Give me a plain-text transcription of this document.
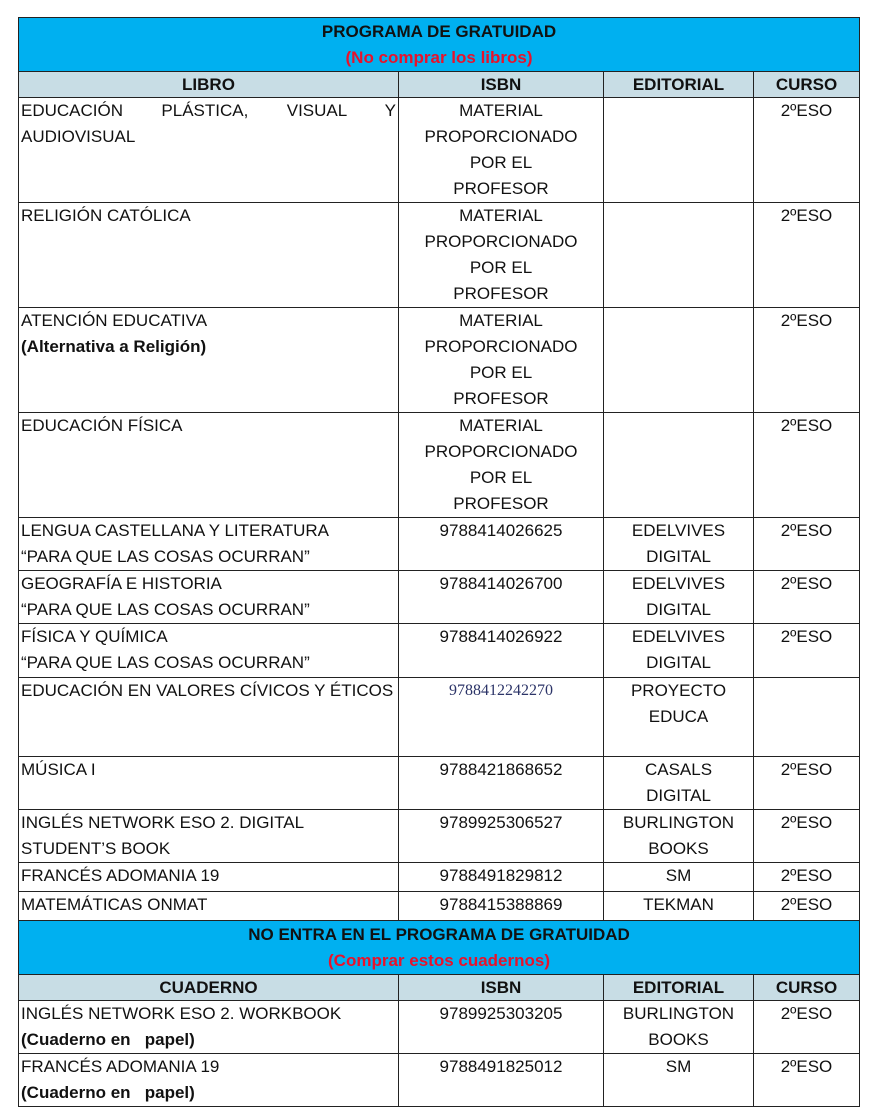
PROGRAMA DE GRATUIDAD
(No comprar los libros)			

LIBRO	ISBN	EDITORIAL	CURSO

EDUCACIÓN PLÁSTICA, VISUAL Y AUDIOVISUAL	MATERIAL PROPORCIONADO POR EL PROFESOR		2ºESO
RELIGIÓN CATÓLICA	MATERIAL PROPORCIONADO POR EL PROFESOR		2ºESO
ATENCIÓN EDUCATIVA
(Alternativa a Religión)	MATERIAL PROPORCIONADO POR EL PROFESOR		2ºESO
EDUCACIÓN FÍSICA	MATERIAL PROPORCIONADO POR EL PROFESOR		2ºESO
LENGUA CASTELLANA Y LITERATURA
“PARA QUE LAS COSAS OCURRAN”	9788414026625	EDELVIVES DIGITAL	2ºESO
GEOGRAFÍA E HISTORIA
“PARA QUE LAS COSAS OCURRAN”	9788414026700	EDELVIVES DIGITAL	2ºESO
FÍSICA Y QUÍMICA
“PARA QUE LAS COSAS OCURRAN”	9788414026922	EDELVIVES DIGITAL	2ºESO
EDUCACIÓN EN VALORES CÍVICOS Y ÉTICOS	9788412242270	PROYECTO EDUCA	
MÚSICA I	9788421868652	CASALS DIGITAL	2ºESO
INGLÉS NETWORK ESO 2. DIGITAL STUDENT’S BOOK	9789925306527	BURLINGTON BOOKS	2ºESO
FRANCÉS ADOMANIA 19	9788491829812	SM	2ºESO
MATEMÁTICAS ONMAT	9788415388869	TEKMAN	2ºESO

NO ENTRA EN EL PROGRAMA DE GRATUIDAD
(Comprar estos cuadernos)			

CUADERNO	ISBN	EDITORIAL	CURSO

INGLÉS NETWORK ESO 2. WORKBOOK
(Cuaderno en   papel)	9789925303205	BURLINGTON BOOKS	2ºESO
FRANCÉS ADOMANIA 19
(Cuaderno en   papel)	9788491825012	SM	2ºESO
